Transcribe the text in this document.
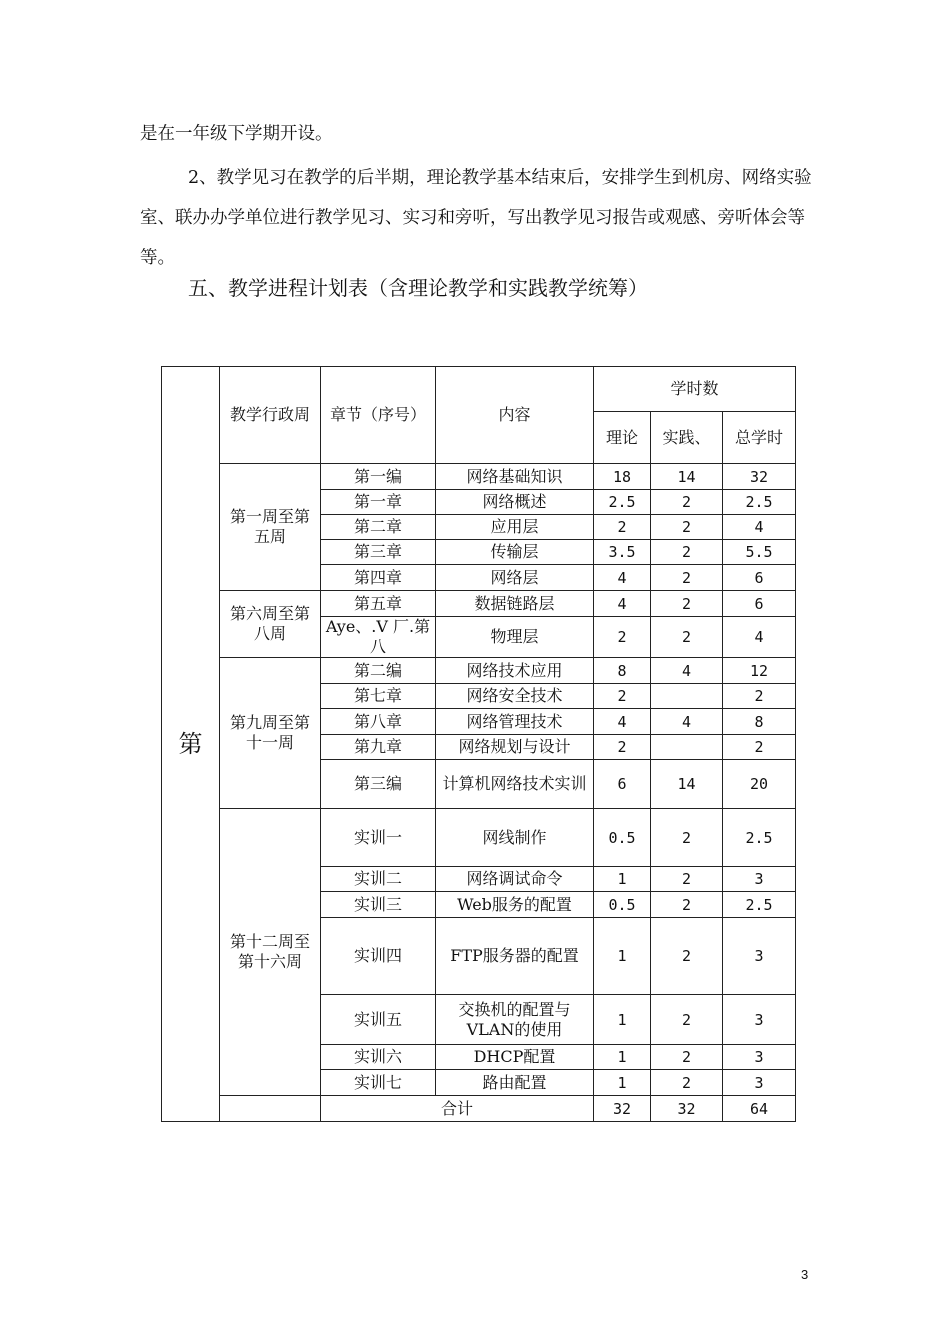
是在一年级下学期开设。
2、教学见习在教学的后半期，理论教学基本结束后，安排学生到机房、网络实验室、联办办学单位进行教学见习、实习和旁听，写出教学见习报告或观感、旁听体会等等。
五、教学进程计划表（含理论教学和实践教学统筹）
第	教学行政周	章节（序号）	内容	学时数		
				理论	实践、	总学时
	第一周至第五周	第一编	网络基础知识	18	14	32
		第一章	网络概述	2.5	2	2.5
		第二章	应用层	2	2	4
		第三章	传输层	3.5	2	5.5
		第四章	网络层	4	2	6
	第六周至第八周	第五章	数据链路层	4	2	6
		Aye、.V 厂.第八	物理层	2	2	4
	第九周至第十一周	第二编	网络技术应用	8	4	12
		第七章	网络安全技术	2		2
		第八章	网络管理技术	4	4	8
		第九章	网络规划与设计	2		2
		第三编	计算机网络技术实训	6	14	20
	第十二周至第十六周	实训一	网线制作	0.5	2	2.5
		实训二	网络调试命令	1	2	3
		实训三	Web服务的配置	0.5	2	2.5
		实训四	FTP服务器的配置	1	2	3
		实训五	交换机的配置与VLAN的使用	1	2	3
		实训六	DHCP配置	1	2	3
		实训七	路由配置	1	2	3
		合计		32	32	64
3
